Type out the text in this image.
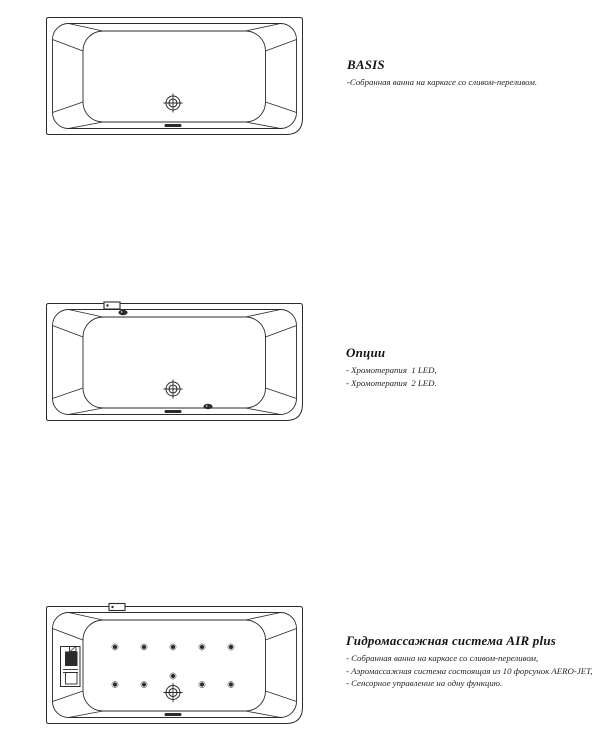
BASIS
-Собранная ванна на каркасе со сливом-переливом.
Опции
- Хромотерапия  1 LED,
- Хромотерапия  2 LED.
Гидромассажная система AIR plus
- Собранная ванна на каркасе со сливом-переливом,
- Аэромассажная система состоящая из 10 форсунок AERO-JET,
- Сенсорное управление на одну функцию.
